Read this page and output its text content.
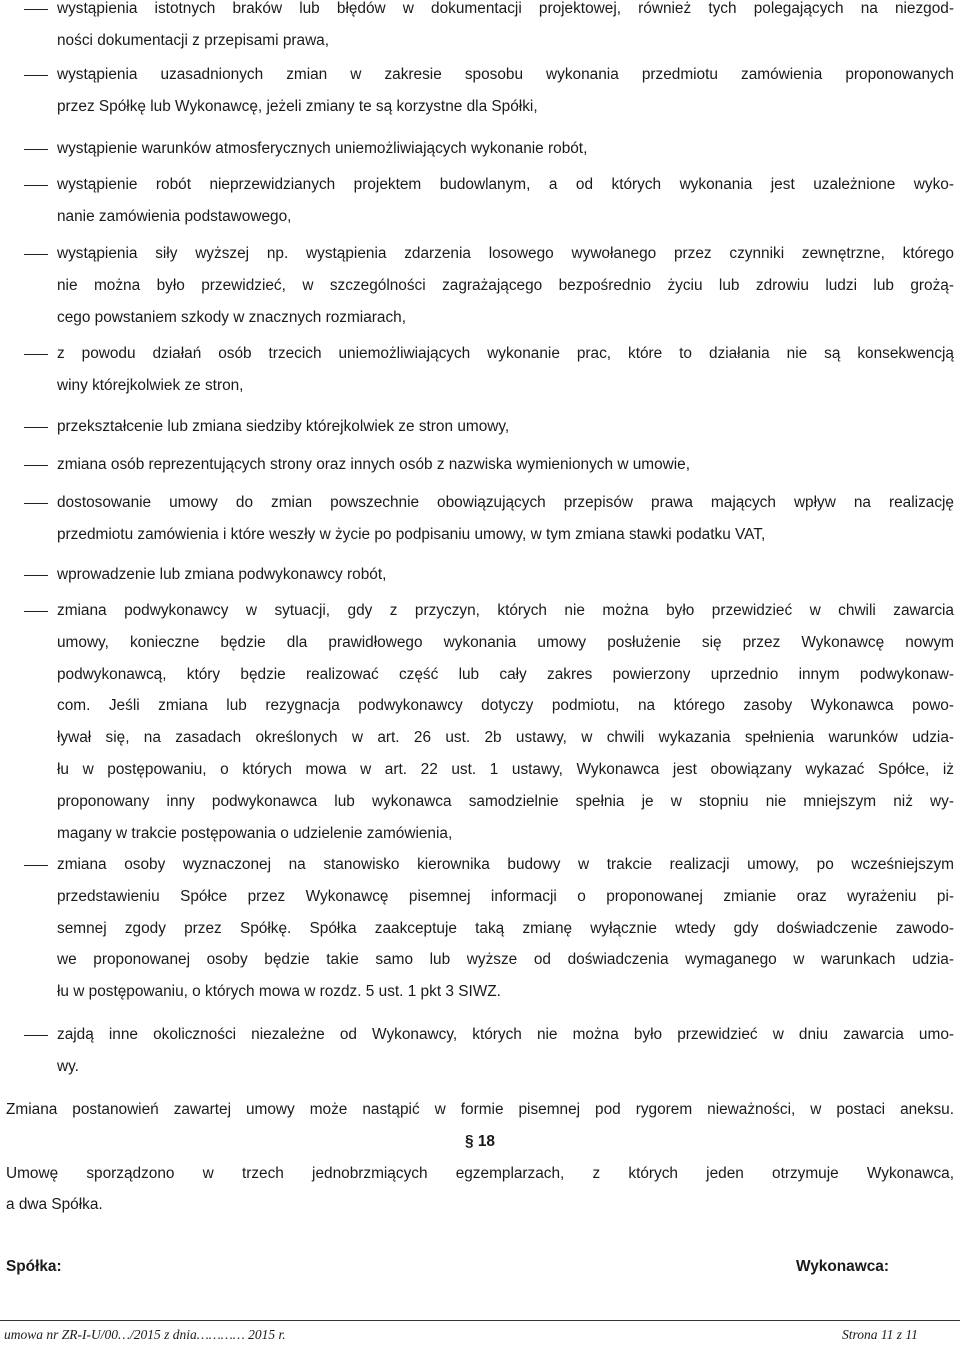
wystąpienia istotnych braków lub błędów w dokumentacji projektowej, również tych polegających na niezgod-
ności dokumentacji z przepisami prawa,
wystąpienia uzasadnionych zmian w zakresie sposobu wykonania przedmiotu zamówienia proponowanych
przez Spółkę lub Wykonawcę, jeżeli zmiany te są korzystne dla Spółki,
wystąpienie warunków atmosferycznych uniemożliwiających wykonanie robót,
wystąpienie robót nieprzewidzianych projektem budowlanym, a od których wykonania jest uzależnione wyko-
nanie zamówienia podstawowego,
wystąpienia siły wyższej np. wystąpienia zdarzenia losowego wywołanego przez czynniki zewnętrzne, którego
nie można było przewidzieć, w szczególności zagrażającego bezpośrednio życiu lub zdrowiu ludzi lub grożą-
cego powstaniem szkody w znacznych rozmiarach,
z powodu działań osób trzecich uniemożliwiających wykonanie prac, które to działania nie są konsekwencją
winy którejkolwiek ze stron,
przekształcenie lub zmiana siedziby którejkolwiek ze stron umowy,
zmiana osób reprezentujących strony oraz innych osób z nazwiska wymienionych w umowie,
dostosowanie umowy do zmian powszechnie obowiązujących przepisów prawa mających wpływ na realizację
przedmiotu zamówienia i które weszły w życie po podpisaniu umowy, w tym zmiana stawki podatku VAT,
wprowadzenie lub zmiana podwykonawcy robót,
zmiana podwykonawcy w sytuacji, gdy z przyczyn, których nie można było przewidzieć w chwili zawarcia
umowy, konieczne będzie dla prawidłowego wykonania umowy posłużenie się przez Wykonawcę nowym
podwykonawcą, który będzie realizować część lub cały zakres powierzony uprzednio innym podwykonaw-
com. Jeśli zmiana lub rezygnacja podwykonawcy dotyczy podmiotu, na którego zasoby Wykonawca powo-
ływał się, na zasadach określonych w art. 26 ust. 2b ustawy, w chwili wykazania spełnienia warunków udzia-
łu w postępowaniu, o których mowa w art. 22 ust. 1 ustawy, Wykonawca jest obowiązany wykazać Spółce, iż
proponowany inny podwykonawca lub wykonawca samodzielnie spełnia je w stopniu nie mniejszym niż wy-
magany w trakcie postępowania o udzielenie zamówienia,
zmiana osoby wyznaczonej na stanowisko kierownika budowy w trakcie realizacji umowy, po wcześniejszym
przedstawieniu Spółce przez Wykonawcę pisemnej informacji o proponowanej zmianie oraz wyrażeniu pi-
semnej zgody przez Spółkę. Spółka zaakceptuje taką zmianę wyłącznie wtedy gdy doświadczenie zawodo-
we proponowanej osoby będzie takie samo lub wyższe od doświadczenia wymaganego w warunkach udzia-
łu w postępowaniu, o których mowa w rozdz. 5 ust. 1 pkt 3 SIWZ.
zajdą inne okoliczności niezależne od Wykonawcy, których nie można było przewidzieć w dniu zawarcia umo-
wy.
Zmiana postanowień zawartej umowy może nastąpić w formie pisemnej pod rygorem nieważności, w postaci aneksu.
§ 18
Umowę sporządzono w trzech jednobrzmiących egzemplarzach, z których jeden otrzymuje Wykonawca,
a dwa Spółka.
Spółka:	Wykonawca:
umowa nr ZR-I-U/00…/2015 z dnia………… 2015 r.	Strona 11 z 11
